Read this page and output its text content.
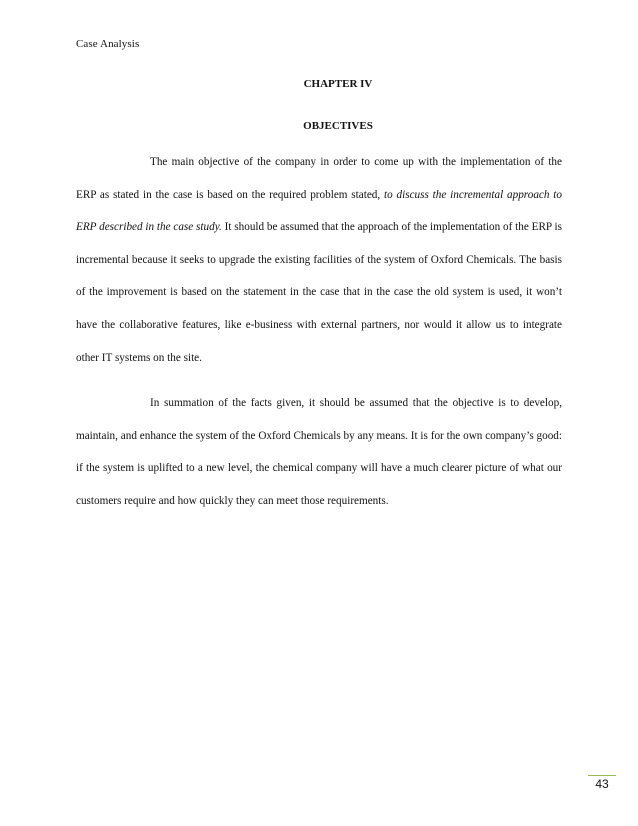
Case Analysis
CHAPTER IV
OBJECTIVES

The main objective of the company in order to come up with the implementation of the ERP as stated in the case is based on the required problem stated, to discuss the incremental approach to ERP described in the case study. It should be assumed that the approach of the implementation of the ERP is incremental because it seeks to upgrade the existing facilities of the system of Oxford Chemicals. The basis of the improvement is based on the statement in the case that in the case the old system is used, it won’t have the collaborative features, like e-business with external partners, nor would it allow us to integrate other IT systems on the site.

In summation of the facts given, it should be assumed that the objective is to develop, maintain, and enhance the system of the Oxford Chemicals by any means. It is for the own company’s good: if the system is uplifted to a new level, the chemical company will have a much clearer picture of what our customers require and how quickly they can meet those requirements.

43
